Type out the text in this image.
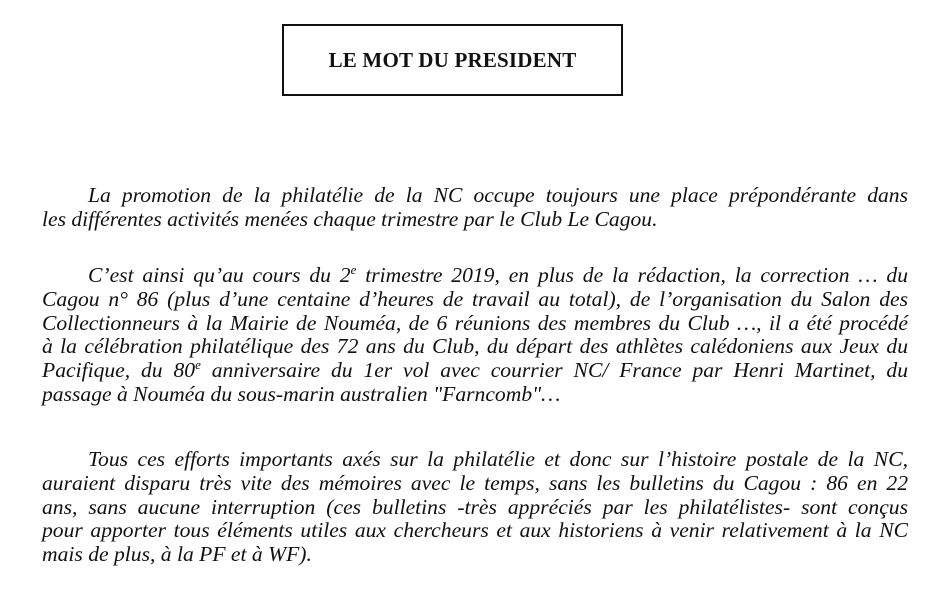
LE MOT DU PRESIDENT
La promotion de la philatélie de la NC occupe toujours une place prépondérante dans
les différentes activités menées chaque trimestre par le Club Le Cagou.
C’est ainsi qu’au cours du 2e trimestre 2019, en plus de la rédaction, la correction … du
Cagou n° 86 (plus d’une centaine d’heures de travail au total), de l’organisation du Salon des
Collectionneurs à la Mairie de Nouméa, de 6 réunions des membres du Club …, il a été procédé
à la célébration philatélique des 72 ans du Club, du départ des athlètes calédoniens aux Jeux du
Pacifique, du 80e anniversaire du 1er vol avec courrier NC/ France par Henri Martinet, du
passage à Nouméa du sous-marin australien "Farncomb"…
Tous ces efforts importants axés sur la philatélie et donc sur l’histoire postale de la NC,
auraient disparu très vite des mémoires avec le temps, sans les bulletins du Cagou : 86 en 22
ans, sans aucune interruption (ces bulletins -très appréciés par les philatélistes- sont conçus
pour apporter tous éléments utiles aux chercheurs et aux historiens à venir relativement à la NC
mais de plus, à la PF et à WF).
